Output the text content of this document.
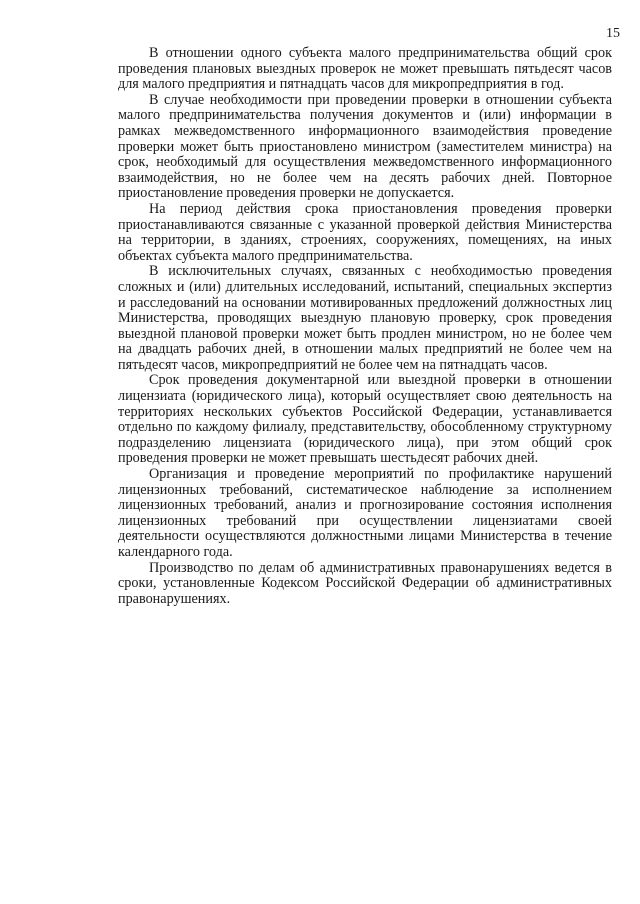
15

В отношении одного субъекта малого предпринимательства общий срок проведения плановых выездных проверок не может превышать пятьдесят часов для малого предприятия и пятнадцать часов для микропредприятия в год.

В случае необходимости при проведении проверки в отношении субъекта малого предпринимательства получения документов и (или) информации в рамках межведомственного информационного взаимодействия проведение проверки может быть приостановлено министром (заместителем министра) на срок, необходимый для осуществления межведомственного информационного взаимодействия, но не более чем на десять рабочих дней. Повторное приостановление проведения проверки не допускается.

На период действия срока приостановления проведения проверки приостанавливаются связанные с указанной проверкой действия Министерства на территории, в зданиях, строениях, сооружениях, помещениях, на иных объектах субъекта малого предпринимательства.

В исключительных случаях, связанных с необходимостью проведения сложных и (или) длительных исследований, испытаний, специальных экспертиз и расследований на основании мотивированных предложений должностных лиц Министерства, проводящих выездную плановую проверку, срок проведения выездной плановой проверки может быть продлен министром, но не более чем на двадцать рабочих дней, в отношении малых предприятий не более чем на пятьдесят часов, микропредприятий не более чем на пятнадцать часов.

Срок проведения документарной или выездной проверки в отношении лицензиата (юридического лица), который осуществляет свою деятельность на территориях нескольких субъектов Российской Федерации, устанавливается отдельно по каждому филиалу, представительству, обособленному структурному подразделению лицензиата (юридического лица), при этом общий срок проведения проверки не может превышать шестьдесят рабочих дней.

Организация и проведение мероприятий по профилактике нарушений лицензионных требований, систематическое наблюдение за исполнением лицензионных требований, анализ и прогнозирование состояния исполнения лицензионных требований при осуществлении лицензиатами своей деятельности осуществляются должностными лицами Министерства в течение календарного года.

Производство по делам об административных правонарушениях ведется в сроки, установленные Кодексом Российской Федерации об административных правонарушениях.
